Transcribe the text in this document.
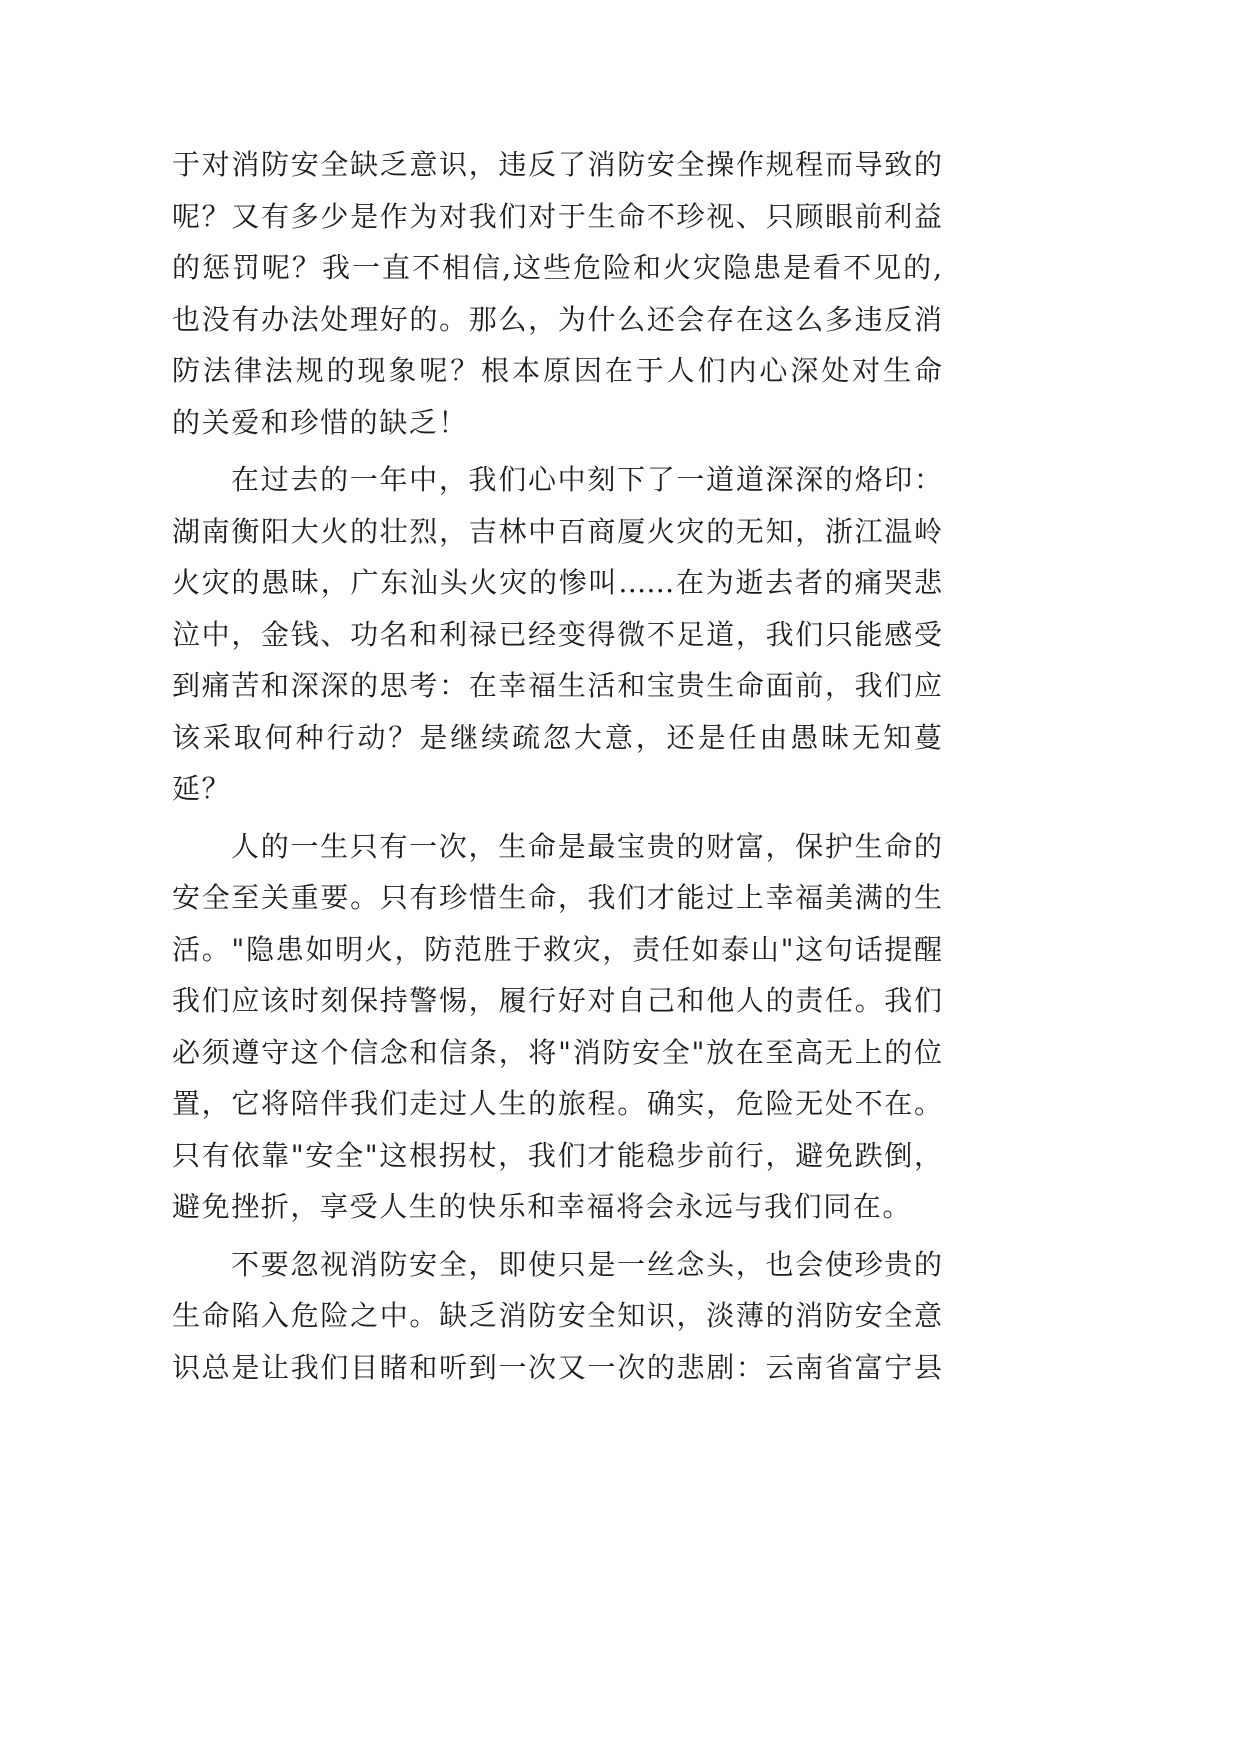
于对消防安全缺乏意识，违反了消防安全操作规程而导致的
呢？又有多少是作为对我们对于生命不珍视、只顾眼前利益
的惩罚呢？我一直不相信,这些危险和火灾隐患是看不见的,
也没有办法处理好的。那么，为什么还会存在这么多违反消
防法律法规的现象呢？根本原因在于人们内心深处对生命
的关爱和珍惜的缺乏！
在过去的一年中，我们心中刻下了一道道深深的烙印：
湖南衡阳大火的壮烈，吉林中百商厦火灾的无知，浙江温岭
火灾的愚昧，广东汕头火灾的惨叫……在为逝去者的痛哭悲
泣中，金钱、功名和利禄已经变得微不足道，我们只能感受
到痛苦和深深的思考：在幸福生活和宝贵生命面前，我们应
该采取何种行动？是继续疏忽大意，还是任由愚昧无知蔓
延？
人的一生只有一次，生命是最宝贵的财富，保护生命的
安全至关重要。只有珍惜生命，我们才能过上幸福美满的生
活。"隐患如明火，防范胜于救灾，责任如泰山"这句话提醒
我们应该时刻保持警惕，履行好对自己和他人的责任。我们
必须遵守这个信念和信条，将"消防安全"放在至高无上的位
置，它将陪伴我们走过人生的旅程。确实，危险无处不在。
只有依靠"安全"这根拐杖，我们才能稳步前行，避免跌倒，
避免挫折，享受人生的快乐和幸福将会永远与我们同在。
不要忽视消防安全，即使只是一丝念头，也会使珍贵的
生命陷入危险之中。缺乏消防安全知识，淡薄的消防安全意
识总是让我们目睹和听到一次又一次的悲剧：云南省富宁县
